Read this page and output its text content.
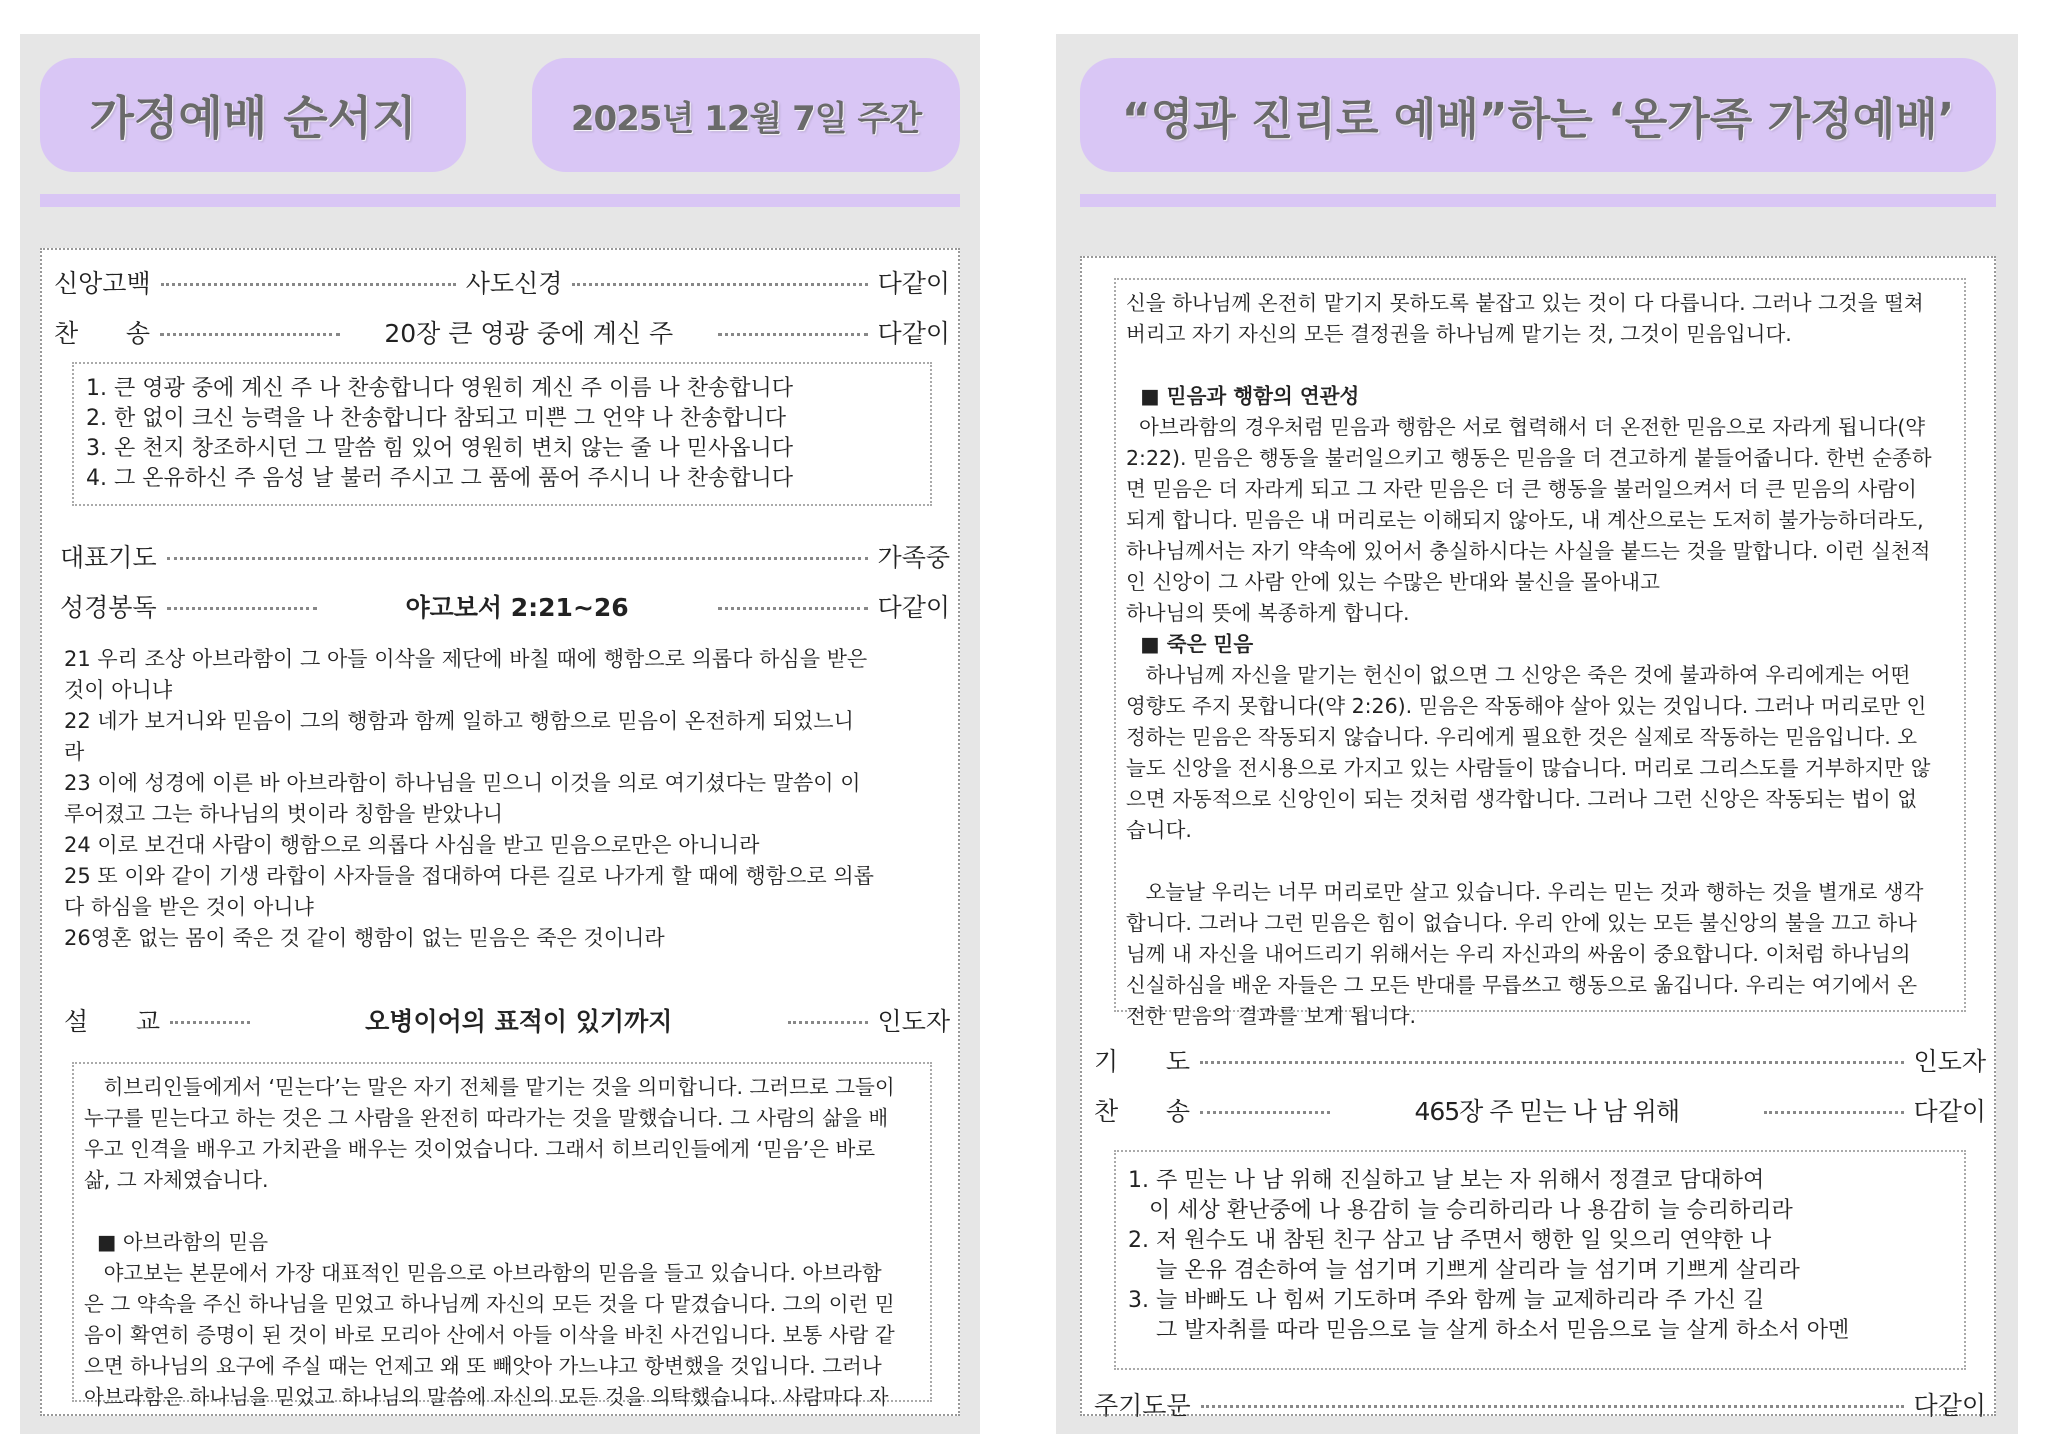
가정예배 순서지	2025년 12월 7일 주간
신앙고백	사도신경	다같이
찬      송	20장 큰 영광 중에 계신 주	다같이
1. 큰 영광 중에 계신 주 나 찬송합니다 영원히 계신 주 이름 나 찬송합니다
2. 한 없이 크신 능력을 나 찬송합니다 참되고 미쁜 그 언약 나 찬송합니다
3. 온 천지 창조하시던 그 말씀 힘 있어 영원히 변치 않는 줄 나 믿사옵니다
4. 그 온유하신 주 음성 날 불러 주시고 그 품에 품어 주시니 나 찬송합니다
대표기도	가족중
성경봉독	야고보서 2:21~26	다같이

21 우리 조상 아브라함이 그 아들 이삭을 제단에 바칠 때에 행함으로 의롭다 하심을 받은

것이 아니냐

22 네가 보거니와 믿음이 그의 행함과 함께 일하고 행함으로 믿음이 온전하게 되었느니

라

23 이에 성경에 이른 바 아브라함이 하나님을 믿으니 이것을 의로 여기셨다는 말씀이 이

루어졌고 그는 하나님의 벗이라 칭함을 받았나니

24 이로 보건대 사람이 행함으로 의롭다 사심을 받고 믿음으로만은 아니니라

25 또 이와 같이 기생 라합이 사자들을 접대하여 다른 길로 나가게 할 때에 행함으로 의롭

다 하심을 받은 것이 아니냐

26영혼 없는 몸이 죽은 것 같이 행함이 없는 믿음은 죽은 것이니라

설      교	오병이어의 표적이 있기까지	인도자

히브리인들에게서 ‘믿는다’는 말은 자기 전체를 맡기는 것을 의미합니다. 그러므로 그들이

누구를 믿는다고 하는 것은 그 사람을 완전히 따라가는 것을 말했습니다. 그 사람의 삶을 배

우고 인격을 배우고 가치관을 배우는 것이었습니다. 그래서 히브리인들에게 ‘믿음’은 바로

삶, 그 자체였습니다.

■ 아브라함의 믿음

야고보는 본문에서 가장 대표적인 믿음으로 아브라함의 믿음을 들고 있습니다. 아브라함

은 그 약속을 주신 하나님을 믿었고 하나님께 자신의 모든 것을 다 맡겼습니다. 그의 이런 믿

음이 확연히 증명이 된 것이 바로 모리아 산에서 아들 이삭을 바친 사건입니다. 보통 사람 같

으면 하나님의 요구에 주실 때는 언제고 왜 또 빼앗아 가느냐고 항변했을 것입니다. 그러나

아브라함은 하나님을 믿었고 하나님의 말씀에 자신의 모든 것을 의탁했습니다. 사람마다 자

“영과 진리로 예배”하는 ‘온가족 가정예배’

신을 하나님께 온전히 맡기지 못하도록 붙잡고 있는 것이 다 다릅니다. 그러나 그것을 떨쳐

버리고 자기 자신의 모든 결정권을 하나님께 맡기는 것, 그것이 믿음입니다.

■ 믿음과 행함의 연관성

아브라함의 경우처럼 믿음과 행함은 서로 협력해서 더 온전한 믿음으로 자라게 됩니다(약

2:22). 믿음은 행동을 불러일으키고 행동은 믿음을 더 견고하게 붙들어줍니다. 한번 순종하

면 믿음은 더 자라게 되고 그 자란 믿음은 더 큰 행동을 불러일으켜서 더 큰 믿음의 사람이

되게 합니다. 믿음은 내 머리로는 이해되지 않아도, 내 계산으로는 도저히 불가능하더라도,

하나님께서는 자기 약속에 있어서 충실하시다는 사실을 붙드는 것을 말합니다. 이런 실천적

인 신앙이 그 사람 안에 있는 수많은 반대와 불신을 몰아내고

하나님의 뜻에 복종하게 합니다.

■ 죽은 믿음

하나님께 자신을 맡기는 헌신이 없으면 그 신앙은 죽은 것에 불과하여 우리에게는 어떤

영향도 주지 못합니다(약 2:26). 믿음은 작동해야 살아 있는 것입니다. 그러나 머리로만 인

정하는 믿음은 작동되지 않습니다. 우리에게 필요한 것은 실제로 작동하는 믿음입니다. 오

늘도 신앙을 전시용으로 가지고 있는 사람들이 많습니다. 머리로 그리스도를 거부하지만 않

으면 자동적으로 신앙인이 되는 것처럼 생각합니다. 그러나 그런 신앙은 작동되는 법이 없

습니다.

오늘날 우리는 너무 머리로만 살고 있습니다. 우리는 믿는 것과 행하는 것을 별개로 생각

합니다. 그러나 그런 믿음은 힘이 없습니다. 우리 안에 있는 모든 불신앙의 불을 끄고 하나

님께 내 자신을 내어드리기 위해서는 우리 자신과의 싸움이 중요합니다. 이처럼 하나님의

신실하심을 배운 자들은 그 모든 반대를 무릅쓰고 행동으로 옮깁니다. 우리는 여기에서 온

전한 믿음의 결과를 보게 됩니다.

기      도	인도자
찬      송	465장 주 믿는 나 남 위해	다같이
1. 주 믿는 나 남 위해 진실하고 날 보는 자 위해서 정결코 담대하여
이 세상 환난중에 나 용감히 늘 승리하리라 나 용감히 늘 승리하리라
2. 저 원수도 내 참된 친구 삼고 남 주면서 행한 일 잊으리 연약한 나
늘 온유 겸손하여 늘 섬기며 기쁘게 살리라 늘 섬기며 기쁘게 살리라
3. 늘 바빠도 나 힘써 기도하며 주와 함께 늘 교제하리라 주 가신 길
그 발자취를 따라 믿음으로 늘 살게 하소서 믿음으로 늘 살게 하소서 아멘
주기도문	다같이
